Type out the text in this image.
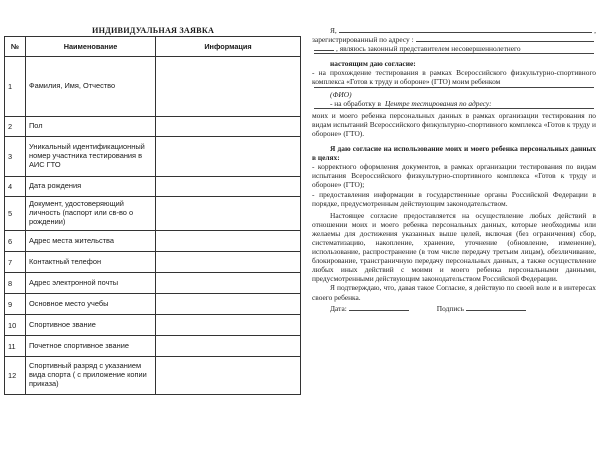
ИНДИВИДУАЛЬНАЯ ЗАЯВКА
№	Наименование	Информация
1	Фамилия, Имя, Отчество	
2	Пол	
3	Уникальный идентификационный номер участника тестирования в АИС ГТО	
4	Дата рождения	
5	Документ, удостоверяющий личность (паспорт или св-во о рождении)	
6	Адрес места жительства	
7	Контактный телефон	
8	Адрес электронной почты	
9	Основное место учебы	
10	Спортивное звание	
11	Почетное спортивное звание	
12	Спортивный разряд с указанием вида спорта ( с приложение копии приказа)	
Я,	,
зарегистрированный по адресу :
, являюсь законный представителем несовершеннолетнего
настоящим даю согласие:

- на прохождение тестирования в рамках Всероссийского физкультурно-спортивного комплекса «Готов к труду и обороне» (ГТО) моим ребенком

(ФИО)
- на обработку в Центре тестирования по адресу:

моих и моего ребенка персональных данных в рамках организации тестирования по видам испытаний Всероссийского физкультурно-спортивного комплекса «Готов к труду и обороне» (ГТО).

Я даю согласие на использование моих и моего ребенка персональных данных в целях:

- корректного оформления документов, в рамках организации тестирования по видам испытания Всероссийского физкультурно-спортивного комплекса «Готов к труду и обороне» (ГТО);

- предоставления информации в государственные органы Российской Федерации в порядке, предусмотренным действующим законодательством.

Настоящее согласие предоставляется на осуществление любых действий в отношении моих и моего ребенка персональных данных, которые необходимы или желаемы для достижения указанных выше целей, включая (без ограничения) сбор, систематизацию, накопление, хранение, уточнение (обновление, изменение), использование, распространение (в том числе передачу третьим лицам), обезличивание, блокирование, трансграничную передачу персональных данных, а также осуществление любых иных действий с моими и моего ребенка персональными данными, предусмотренными действующим законодательством Российской Федерации.

Я подтверждаю, что, давая такое Согласие, я действую по своей воле и в интересах своего ребенка.

Дата:	Подпись
